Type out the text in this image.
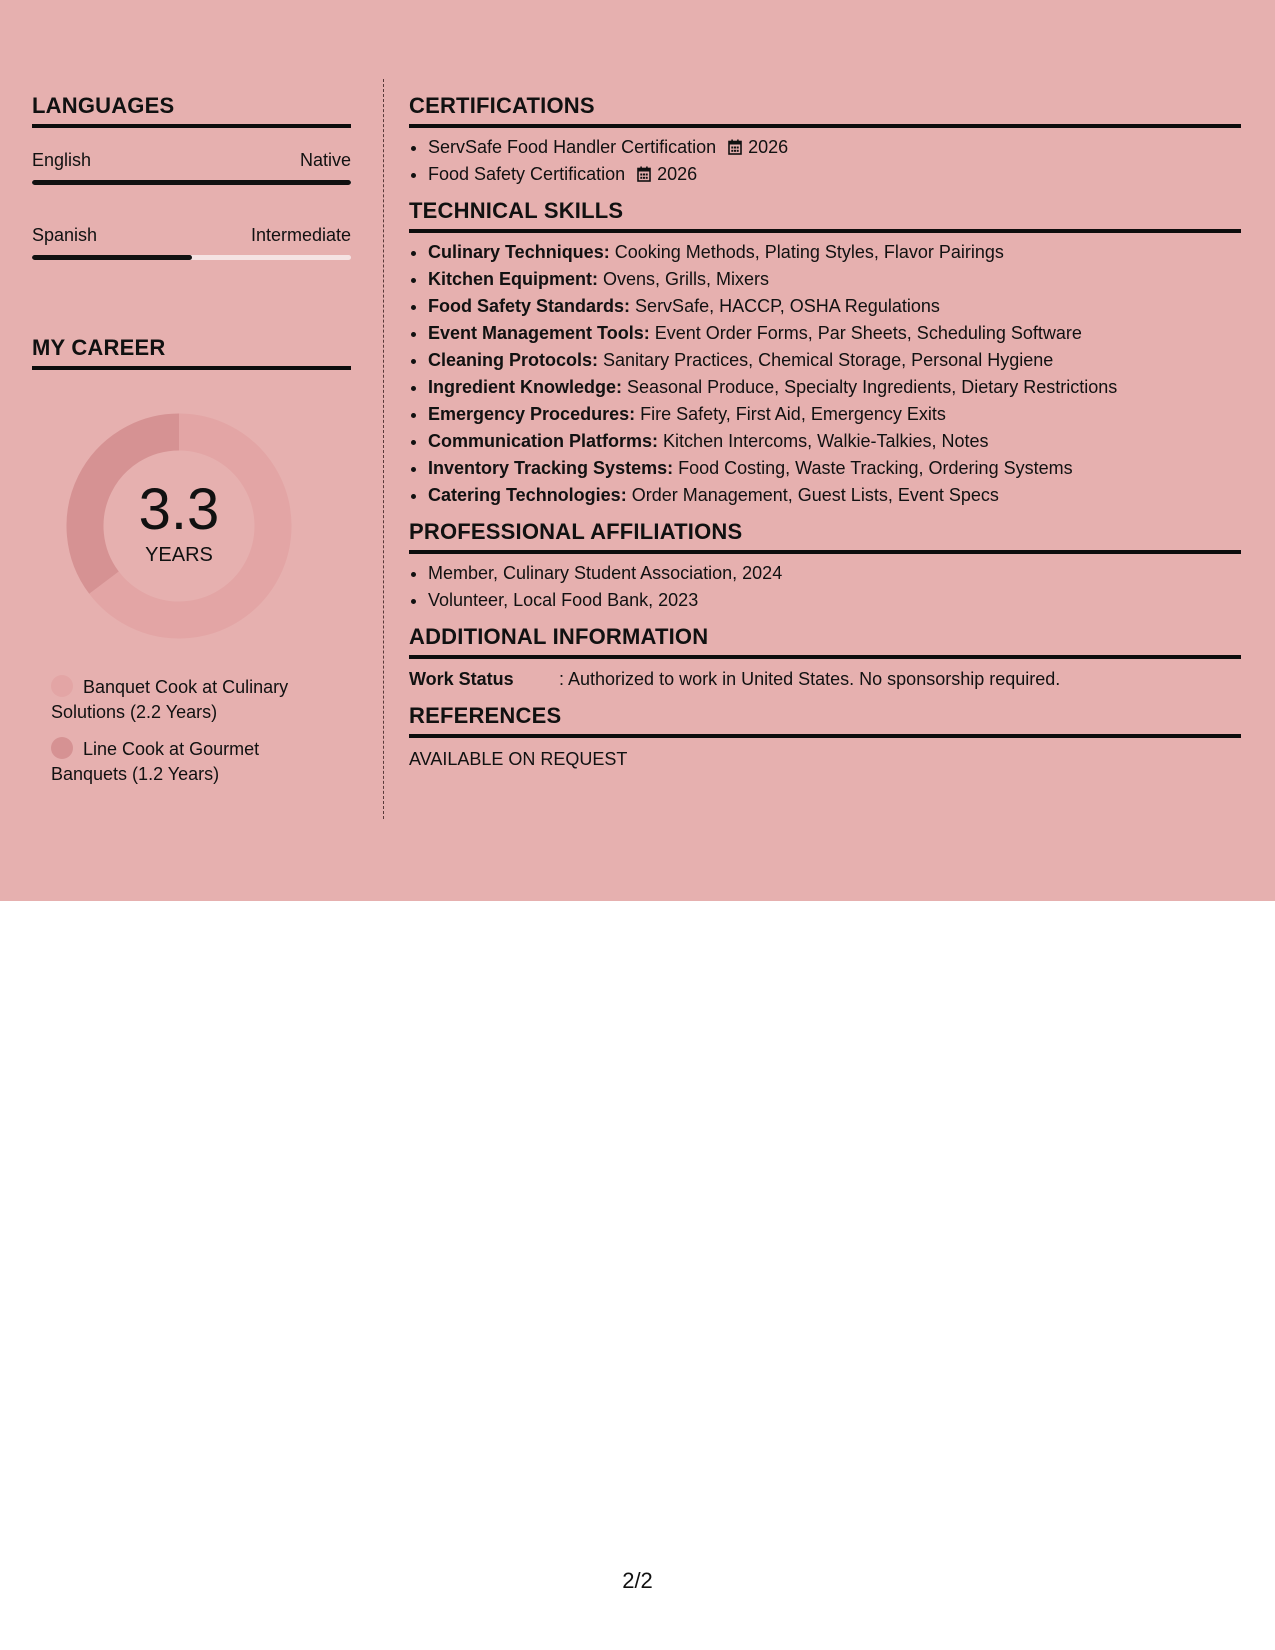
LANGUAGES
English	Native
Spanish	Intermediate
MY CAREER
3.3
YEARS
Banquet Cook at Culinary Solutions (2.2 Years)
Line Cook at Gourmet Banquets (1.2 Years)
CERTIFICATIONS
• ServSafe Food Handler Certification 2026
• Food Safety Certification 2026
TECHNICAL SKILLS
• Culinary Techniques: Cooking Methods, Plating Styles, Flavor Pairings
• Kitchen Equipment: Ovens, Grills, Mixers
• Food Safety Standards: ServSafe, HACCP, OSHA Regulations
• Event Management Tools: Event Order Forms, Par Sheets, Scheduling Software
• Cleaning Protocols: Sanitary Practices, Chemical Storage, Personal Hygiene
• Ingredient Knowledge: Seasonal Produce, Specialty Ingredients, Dietary Restrictions
• Emergency Procedures: Fire Safety, First Aid, Emergency Exits
• Communication Platforms: Kitchen Intercoms, Walkie-Talkies, Notes
• Inventory Tracking Systems: Food Costing, Waste Tracking, Ordering Systems
• Catering Technologies: Order Management, Guest Lists, Event Specs
PROFESSIONAL AFFILIATIONS
• Member, Culinary Student Association, 2024
• Volunteer, Local Food Bank, 2023
ADDITIONAL INFORMATION
Work Status	: Authorized to work in United States. No sponsorship required.
REFERENCES
AVAILABLE ON REQUEST
2/2
